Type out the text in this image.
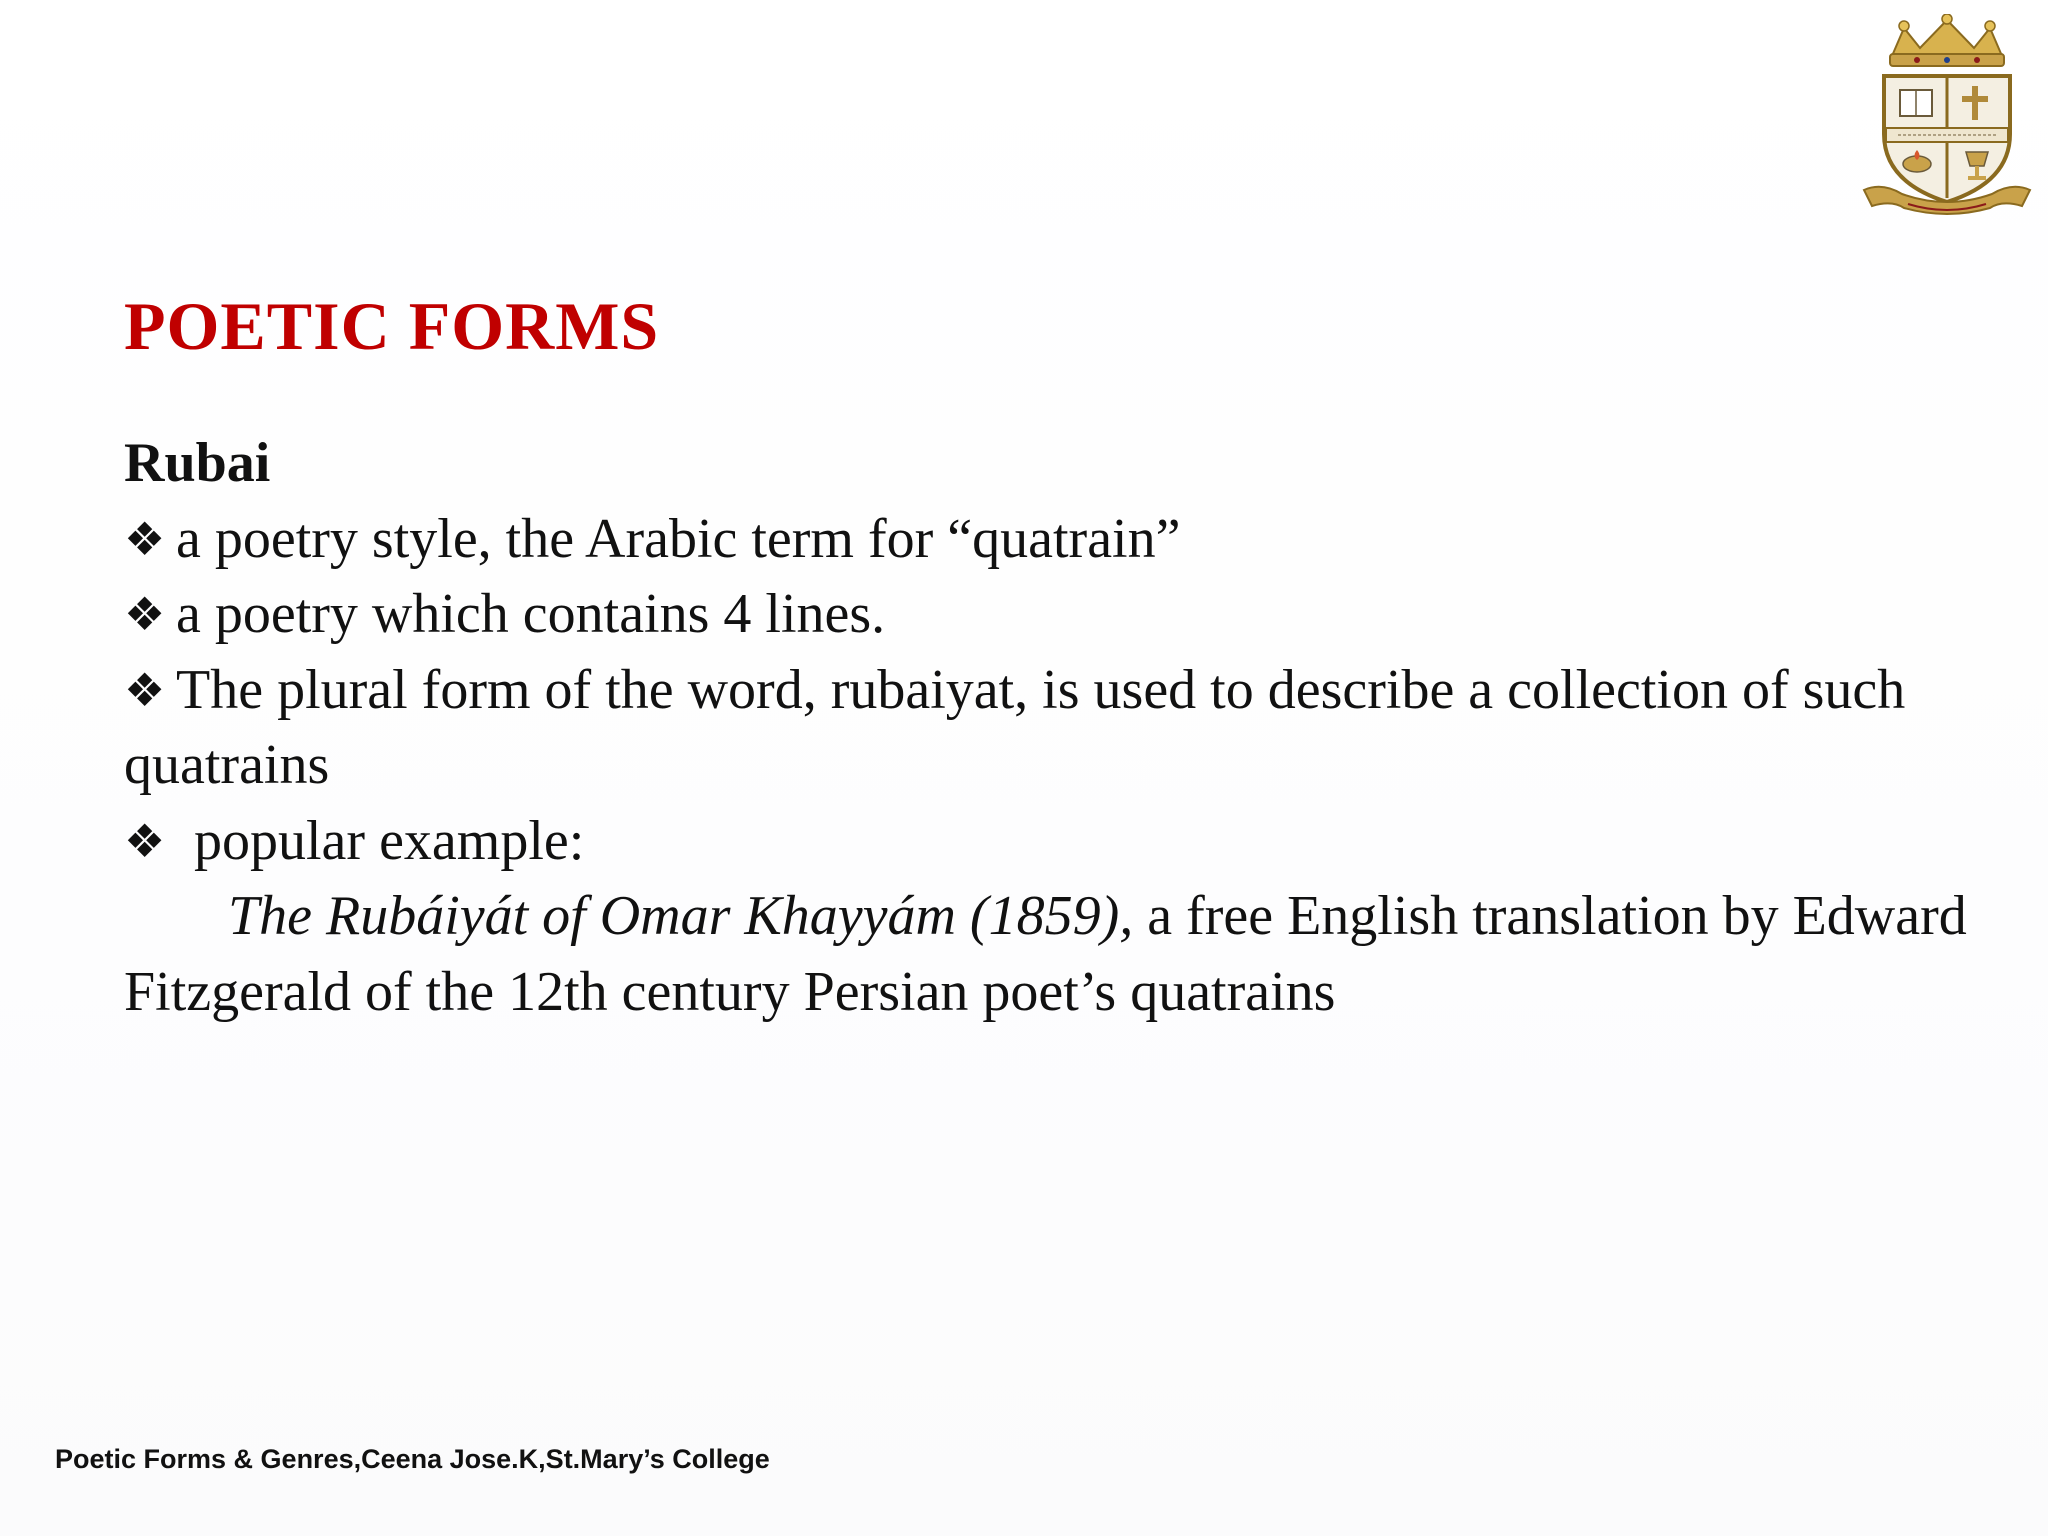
POETIC FORMS

Rubai

❖ a poetry style, the Arabic term for “quatrain”

❖ a poetry which contains 4 lines.

❖ The plural form of the word, rubaiyat, is used to describe a collection of such quatrains

❖ popular example:

The Rubáiyát of Omar Khayyám (1859), a free English translation by Edward Fitzgerald of the 12th century Persian poet’s quatrains

Poetic Forms & Genres,Ceena Jose.K,St.Mary’s College
